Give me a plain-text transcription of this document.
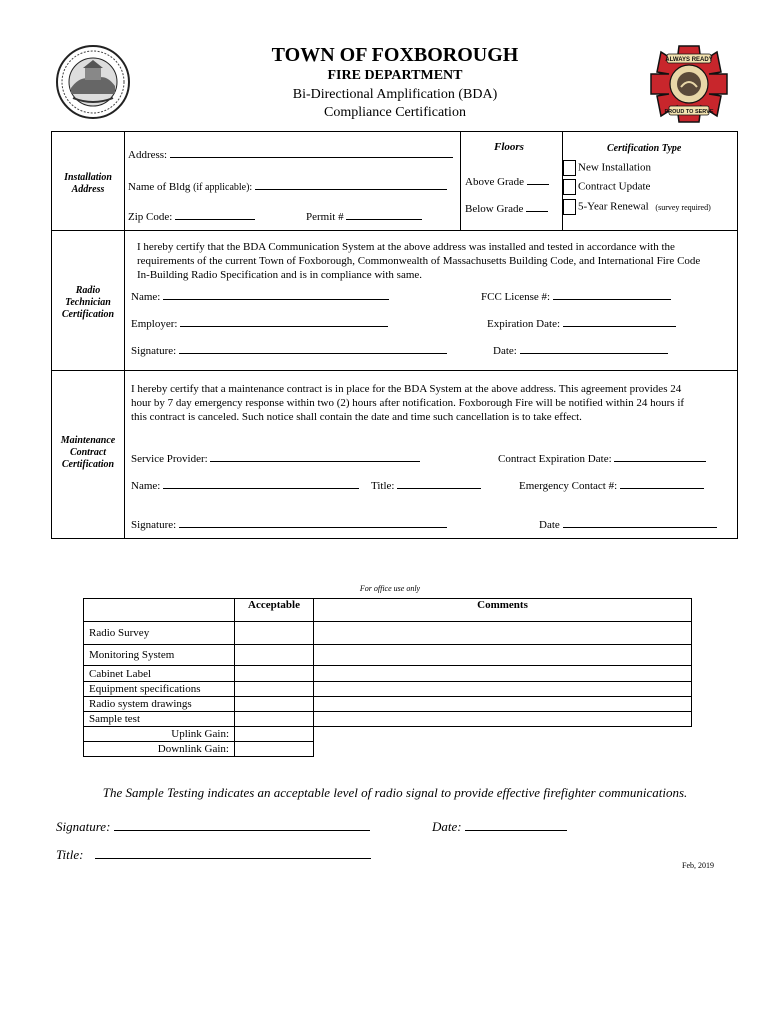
ALWAYS READY
PROUD TO SERVE
TOWN OF FOXBOROUGH
FIRE DEPARTMENT
Bi-Directional Amplification (BDA)
Compliance Certification
Installation
Address
Address:
Name of Bldg (if applicable):
Zip Code:	Permit #
Floors
Above Grade
Below Grade
Certification Type
New Installation
Contract Update
5-Year Renewal (survey required)
Radio
Technician
Certification
I hereby certify that the BDA Communication System at the above address was installed and tested in accordance with the
requirements of the current Town of Foxborough, Commonwealth of Massachusetts Building Code, and International Fire Code
In-Building Radio Specification and is in compliance with same.
Name:	FCC License #:
Employer:	Expiration Date:
Signature:	Date:
Maintenance
Contract
Certification
I hereby certify that a maintenance contract is in place for the BDA System at the above address. This agreement provides 24
hour by 7 day emergency response within two (2) hours after notification. Foxborough Fire will be notified within 24 hours if
this contract is canceled. Such notice shall contain the date and time such cancellation is to take effect.
Service Provider:	Contract Expiration Date:
Name:	Title:	Emergency Contact #:
Signature:	Date
For office use only
	Acceptable	Comments
Radio Survey		
Monitoring System		
Cabinet Label		
Equipment specifications		
Radio system drawings		
Sample test		
Uplink Gain:		
Downlink Gain:		
The Sample Testing indicates an acceptable level of radio signal to provide effective firefighter communications.
Signature:	Date:
Title:
Feb, 2019
